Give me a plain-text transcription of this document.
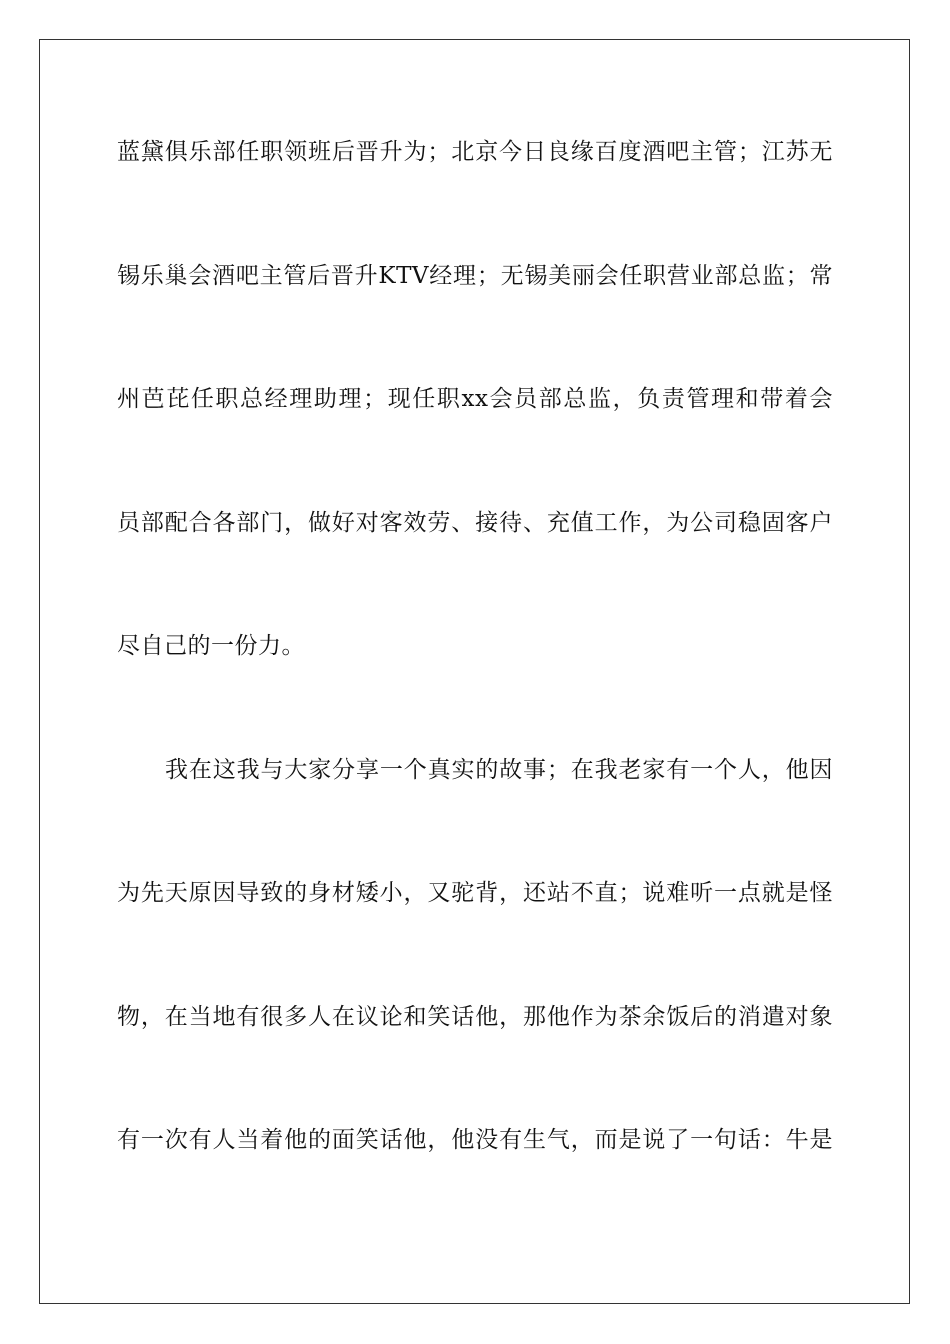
蓝黛俱乐部任职领班后晋升为；北京今日良缘百度酒吧主管；江苏无
锡乐巢会酒吧主管后晋升KTV经理；无锡美丽会任职营业部总监；常
州芭芘任职总经理助理；现任职xx会员部总监，负责管理和带着会
员部配合各部门，做好对客效劳、接待、充值工作，为公司稳固客户
尽自己的一份力。
我在这我与大家分享一个真实的故事；在我老家有一个人，他因
为先天原因导致的身材矮小，又驼背，还站不直；说难听一点就是怪
物，在当地有很多人在议论和笑话他，那他作为茶余饭后的消遣对象
有一次有人当着他的面笑话他，他没有生气，而是说了一句话：牛是
